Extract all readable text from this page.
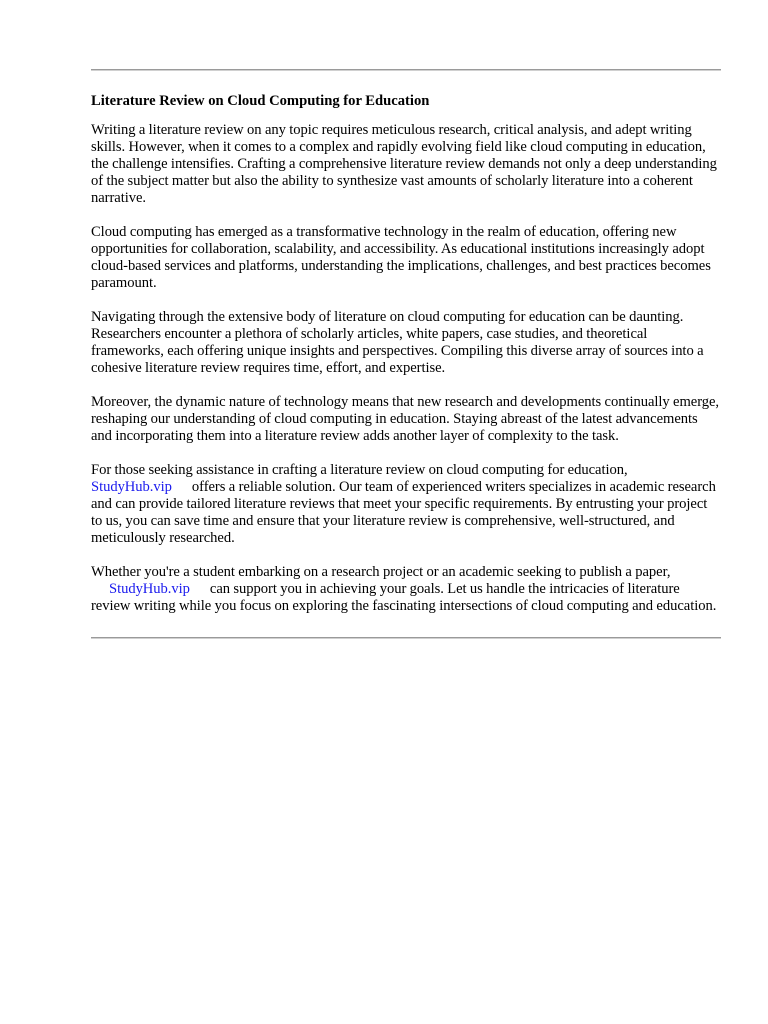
Literature Review on Cloud Computing for Education

Writing a literature review on any topic requires meticulous research, critical analysis, and adept writing skills. However, when it comes to a complex and rapidly evolving field like cloud computing in education, the challenge intensifies. Crafting a comprehensive literature review demands not only a deep understanding of the subject matter but also the ability to synthesize vast amounts of scholarly literature into a coherent narrative.

Cloud computing has emerged as a transformative technology in the realm of education, offering new opportunities for collaboration, scalability, and accessibility. As educational institutions increasingly adopt cloud-based services and platforms, understanding the implications, challenges, and best practices becomes paramount.

Navigating through the extensive body of literature on cloud computing for education can be daunting. Researchers encounter a plethora of scholarly articles, white papers, case studies, and theoretical frameworks, each offering unique insights and perspectives. Compiling this diverse array of sources into a cohesive literature review requires time, effort, and expertise.

Moreover, the dynamic nature of technology means that new research and developments continually emerge, reshaping our understanding of cloud computing in education. Staying abreast of the latest advancements and incorporating them into a literature review adds another layer of complexity to the task.

For those seeking assistance in crafting a literature review on cloud computing for education,
StudyHub.vip offers a reliable solution. Our team of experienced writers specializes in academic research and can provide tailored literature reviews that meet your specific requirements. By entrusting your project to us, you can save time and ensure that your literature review is comprehensive, well-structured, and meticulously researched.

Whether you're a student embarking on a research project or an academic seeking to publish a paper,
StudyHub.vip can support you in achieving your goals. Let us handle the intricacies of literature review writing while you focus on exploring the fascinating intersections of cloud computing and education.
